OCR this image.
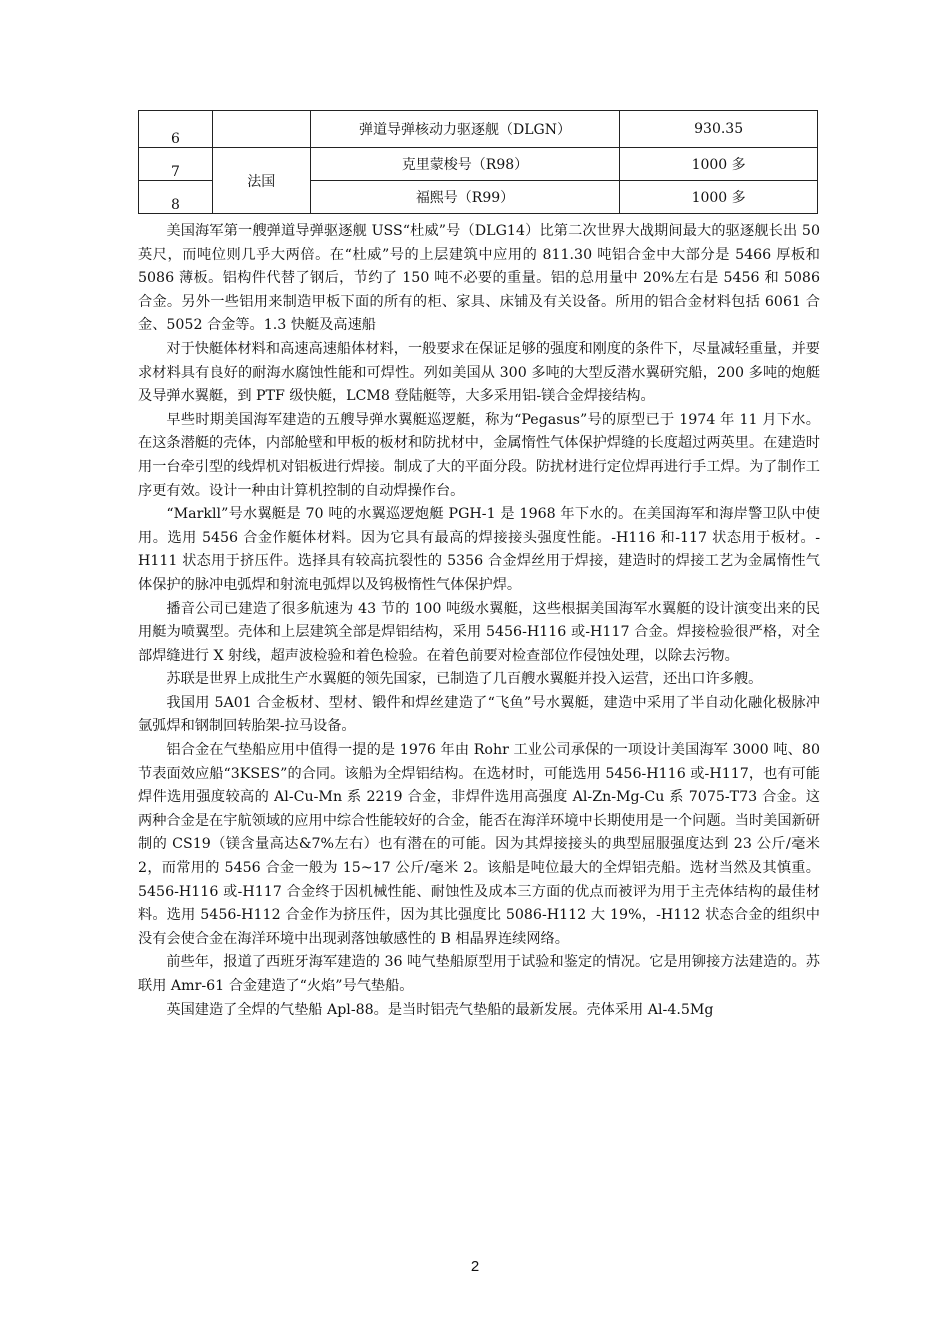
6		弹道导弹核动力驱逐舰（DLGN）	930.35
7	法国	克里蒙梭号（R98）	1000 多
8		福熙号（R99）	1000 多

美国海军第一艘弹道导弹驱逐舰 USS“杜威”号（DLG14）比第二次世界大战期间最大的驱逐舰长出 50 英尺，而吨位则几乎大两倍。在“杜威”号的上层建筑中应用的 811.30 吨铝合金中大部分是 5466 厚板和 5086 薄板。铝构件代替了钢后，节约了 150 吨不必要的重量。铝的总用量中 20%左右是 5456 和 5086 合金。另外一些铝用来制造甲板下面的所有的柜、家具、床铺及有关设备。所用的铝合金材料包括 6061 合金、5052 合金等。1.3 快艇及高速船

对于快艇体材料和高速高速船体材料，一般要求在保证足够的强度和刚度的条件下，尽量减轻重量，并要求材料具有良好的耐海水腐蚀性能和可焊性。列如美国从 300 多吨的大型反潜水翼研究船，200 多吨的炮艇及导弹水翼艇，到 PTF 级快艇，LCM8 登陆艇等，大多采用铝-镁合金焊接结构。

早些时期美国海军建造的五艘导弹水翼艇巡逻艇，称为“Pegasus”号的原型已于 1974 年 11 月下水。在这条潜艇的壳体，内部舱壁和甲板的板材和防扰材中，金属惰性气体保护焊缝的长度超过两英里。在建造时用一台牵引型的线焊机对铝板进行焊接。制成了大的平面分段。防扰材进行定位焊再进行手工焊。为了制作工序更有效。设计一种由计算机控制的自动焊操作台。

“Markll”号水翼艇是 70 吨的水翼巡逻炮艇 PGH-1 是 1968 年下水的。在美国海军和海岸警卫队中使用。选用 5456 合金作艇体材料。因为它具有最高的焊接接头强度性能。-H116 和-117 状态用于板材。-H111 状态用于挤压件。选择具有较高抗裂性的 5356 合金焊丝用于焊接，建造时的焊接工艺为金属惰性气体保护的脉冲电弧焊和射流电弧焊以及钨极惰性气体保护焊。

播音公司已建造了很多航速为 43 节的 100 吨级水翼艇，这些根据美国海军水翼艇的设计演变出来的民用艇为喷翼型。壳体和上层建筑全部是焊铝结构，采用 5456-H116 或-H117 合金。焊接检验很严格，对全部焊缝进行 X 射线，超声波检验和着色检验。在着色前要对检查部位作侵蚀处理，以除去污物。

苏联是世界上成批生产水翼艇的领先国家，已制造了几百艘水翼艇并投入运营，还出口许多艘。

我国用 5A01 合金板材、型材、锻件和焊丝建造了“飞鱼”号水翼艇，建造中采用了半自动化融化极脉冲氩弧焊和钢制回转胎架-拉马设备。

铝合金在气垫船应用中值得一提的是 1976 年由 Rohr 工业公司承保的一项设计美国海军 3000 吨、80 节表面效应船“3KSES”的合同。该船为全焊铝结构。在选材时，可能选用 5456-H116 或-H117，也有可能焊件选用强度较高的 Al-Cu-Mn 系 2219 合金，非焊件选用高强度 Al-Zn-Mg-Cu 系 7075-T73 合金。这两种合金是在宇航领域的应用中综合性能较好的合金，能否在海洋环境中长期使用是一个问题。当时美国新研制的 CS19（镁含量高达&7%左右）也有潜在的可能。因为其焊接接头的典型屈服强度达到 23 公斤/毫米 2，而常用的 5456 合金一般为 15~17 公斤/毫米 2。该船是吨位最大的全焊铝壳船。选材当然及其慎重。5456-H116 或-H117 合金终于因机械性能、耐蚀性及成本三方面的优点而被评为用于主壳体结构的最佳材料。选用 5456-H112 合金作为挤压件，因为其比强度比 5086-H112 大 19%，-H112 状态合金的组织中没有会使合金在海洋环境中出现剥落蚀敏感性的 B 相晶界连续网络。

前些年，报道了西班牙海军建造的 36 吨气垫船原型用于试验和鉴定的情况。它是用铆接方法建造的。苏联用 Amr-61 合金建造了“火焰”号气垫船。

英国建造了全焊的气垫船 Apl-88。是当时铝壳气垫船的最新发展。壳体采用 Al-4.5Mg

2
